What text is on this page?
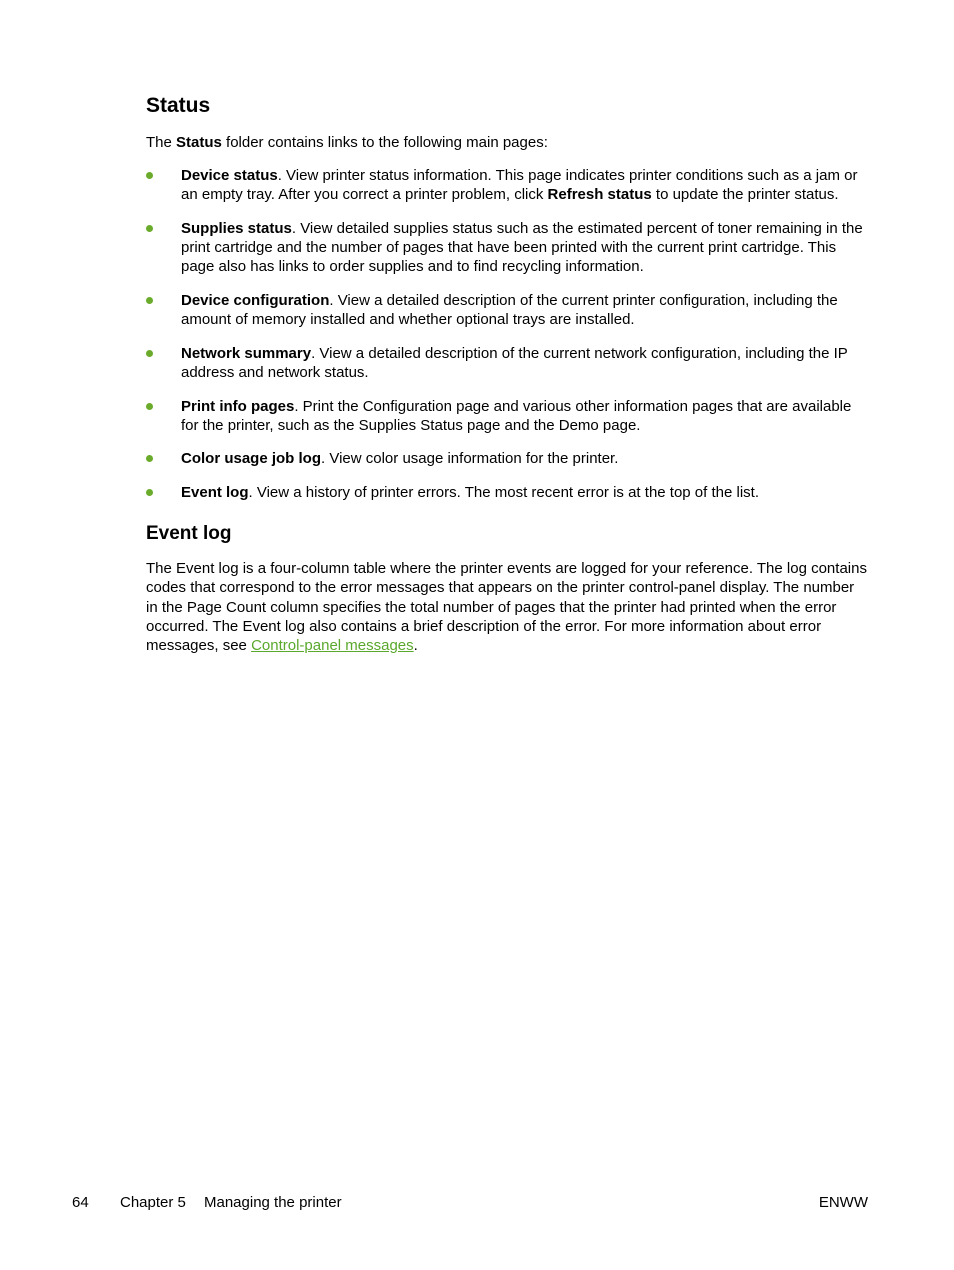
Status

The Status folder contains links to the following main pages:

Device status. View printer status information. This page indicates printer conditions such as a jam or an empty tray. After you correct a printer problem, click Refresh status to update the printer status.
Supplies status. View detailed supplies status such as the estimated percent of toner remaining in the print cartridge and the number of pages that have been printed with the current print cartridge. This page also has links to order supplies and to find recycling information.
Device configuration. View a detailed description of the current printer configuration, including the amount of memory installed and whether optional trays are installed.
Network summary. View a detailed description of the current network configuration, including the IP address and network status.
Print info pages. Print the Configuration page and various other information pages that are available for the printer, such as the Supplies Status page and the Demo page.
Color usage job log. View color usage information for the printer.
Event log. View a history of printer errors. The most recent error is at the top of the list.
Event log

The Event log is a four-column table where the printer events are logged for your reference. The log contains codes that correspond to the error messages that appears on the printer control-panel display. The number in the Page Count column specifies the total number of pages that the printer had printed when the error occurred. The Event log also contains a brief description of the error. For more information about error messages, see Control-panel messages.

64 Chapter 5 Managing the printer	ENWW
